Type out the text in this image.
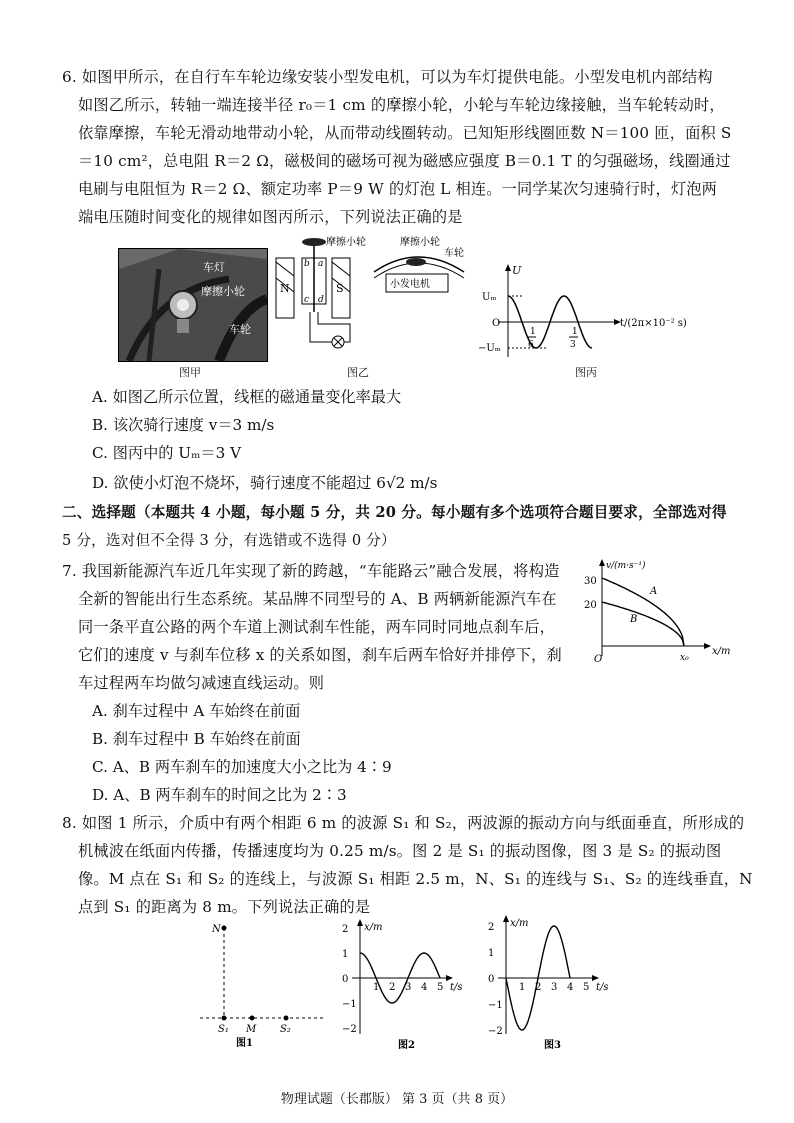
6. 如图甲所示，在自行车车轮边缘安装小型发电机，可以为车灯提供电能。小型发电机内部结构
如图乙所示，转轴一端连接半径 r₀＝1 cm 的摩擦小轮，小轮与车轮边缘接触，当车轮转动时，
依靠摩擦，车轮无滑动地带动小轮，从而带动线圈转动。已知矩形线圈匝数 N＝100 匝，面积 S
＝10 cm²，总电阻 R＝2 Ω，磁极间的磁场可视为磁感应强度 B＝0.1 T 的匀强磁场，线圈通过
电刷与电阻恒为 R＝2 Ω、额定功率 P＝9 W 的灯泡 L 相连。一同学某次匀速骑行时，灯泡两
端电压随时间变化的规律如图丙所示，下列说法正确的是
车灯
摩擦小轮
车轮
图甲
摩擦小轮
N	S
a
b
c d
小发电机
摩擦小轮
车轮
图乙
U
Uₘ
−Uₘ
O	t/(2π×10⁻² s)
1
6
1
3
图丙
A. 如图乙所示位置，线框的磁通量变化率最大
B. 该次骑行速度 v＝3 m/s
C. 图丙中的 Uₘ＝3 V
D. 欲使小灯泡不烧坏，骑行速度不能超过 6√2 m/s
二、选择题（本题共 4 小题，每小题 5 分，共 20 分。每小题有多个选项符合题目要求，全部选对得
5 分，选对但不全得 3 分，有选错或不选得 0 分）
7. 我国新能源汽车近几年实现了新的跨越，“车能路云”融合发展，将构造
全新的智能出行生态系统。某品牌不同型号的 A、B 两辆新能源汽车在
同一条平直公路的两个车道上测试刹车性能，两车同时同地点刹车后，
它们的速度 v 与刹车位移 x 的关系如图，刹车后两车恰好并排停下，刹
车过程两车均做匀减速直线运动。则
v/(m·s⁻¹)
x/m
O
30
20
x₀
A
B
A. 刹车过程中 A 车始终在前面
B. 刹车过程中 B 车始终在前面
C. A、B 两车刹车的加速度大小之比为 4∶9
D. A、B 两车刹车的时间之比为 2∶3
8. 如图 1 所示，介质中有两个相距 6 m 的波源 S₁ 和 S₂，两波源的振动方向与纸面垂直，所形成的
机械波在纸面内传播，传播速度均为 0.25 m/s。图 2 是 S₁ 的振动图像，图 3 是 S₂ 的振动图
像。M 点在 S₁ 和 S₂ 的连线上，与波源 S₁ 相距 2.5 m，N、S₁ 的连线与 S₁、S₂ 的连线垂直，N
点到 S₁ 的距离为 8 m。下列说法正确的是
N
S₁ M S₂
图1
x/m
t/s
2
1
0
−1
−2
1 2 3 4 5
图2
x/m
t/s
2
1
0
−1
−2
1 2 3 4 5
图3
物理试题（长郡版） 第 3 页（共 8 页）
